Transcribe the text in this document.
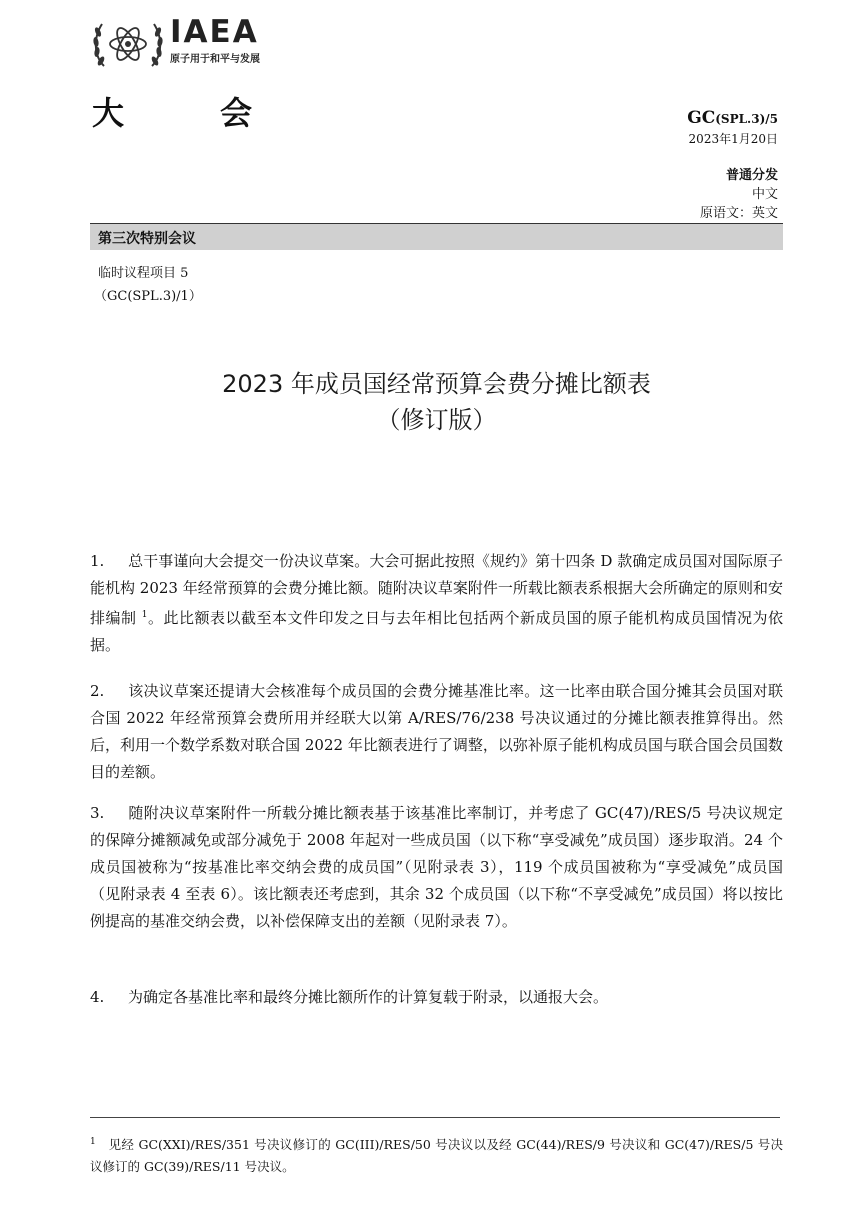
IAEA
原子用于和平与发展
大会	GC(SPL.3)/5
2023年1月20日
普通分发
中文
原语文：英文
第三次特别会议
临时议程项目 5
（GC(SPL.3)/1）
2023 年成员国经常预算会费分摊比额表
（修订版）
1. 总干事谨向大会提交一份决议草案。大会可据此按照《规约》第十四条 D 款确定成员国对国际原子能机构 2023 年经常预算的会费分摊比额。随附决议草案附件一所载比额表系根据大会所确定的原则和安排编制 $^1$。此比额表以截至本文件印发之日与去年相比包括两个新成员国的原子能机构成员国情况为依据。
2. 该决议草案还提请大会核准每个成员国的会费分摊基准比率。这一比率由联合国分摊其会员国对联合国 2022 年经常预算会费所用并经联大以第 A/RES/76/238 号决议通过的分摊比额表推算得出。然后，利用一个数学系数对联合国 2022 年比额表进行了调整，以弥补原子能机构成员国与联合国会员国数目的差额。
3. 随附决议草案附件一所载分摊比额表基于该基准比率制订，并考虑了 GC(47)/RES/5 号决议规定的保障分摊额减免或部分减免于 2008 年起对一些成员国（以下称“享受减免”成员国）逐步取消。24 个成员国被称为“按基准比率交纳会费的成员国”（见附录表 3），119 个成员国被称为“享受减免”成员国（见附录表 4 至表 6）。该比额表还考虑到，其余 32 个成员国（以下称“不享受减免”成员国）将以按比例提高的基准交纳会费，以补偿保障支出的差额（见附录表 7）。
4. 为确定各基准比率和最终分摊比额所作的计算复载于附录，以通报大会。
$^1$ 见经 GC(XXI)/RES/351 号决议修订的 GC(III)/RES/50 号决议以及经 GC(44)/RES/9 号决议和 GC(47)/RES/5 号决议修订的 GC(39)/RES/11 号决议。
